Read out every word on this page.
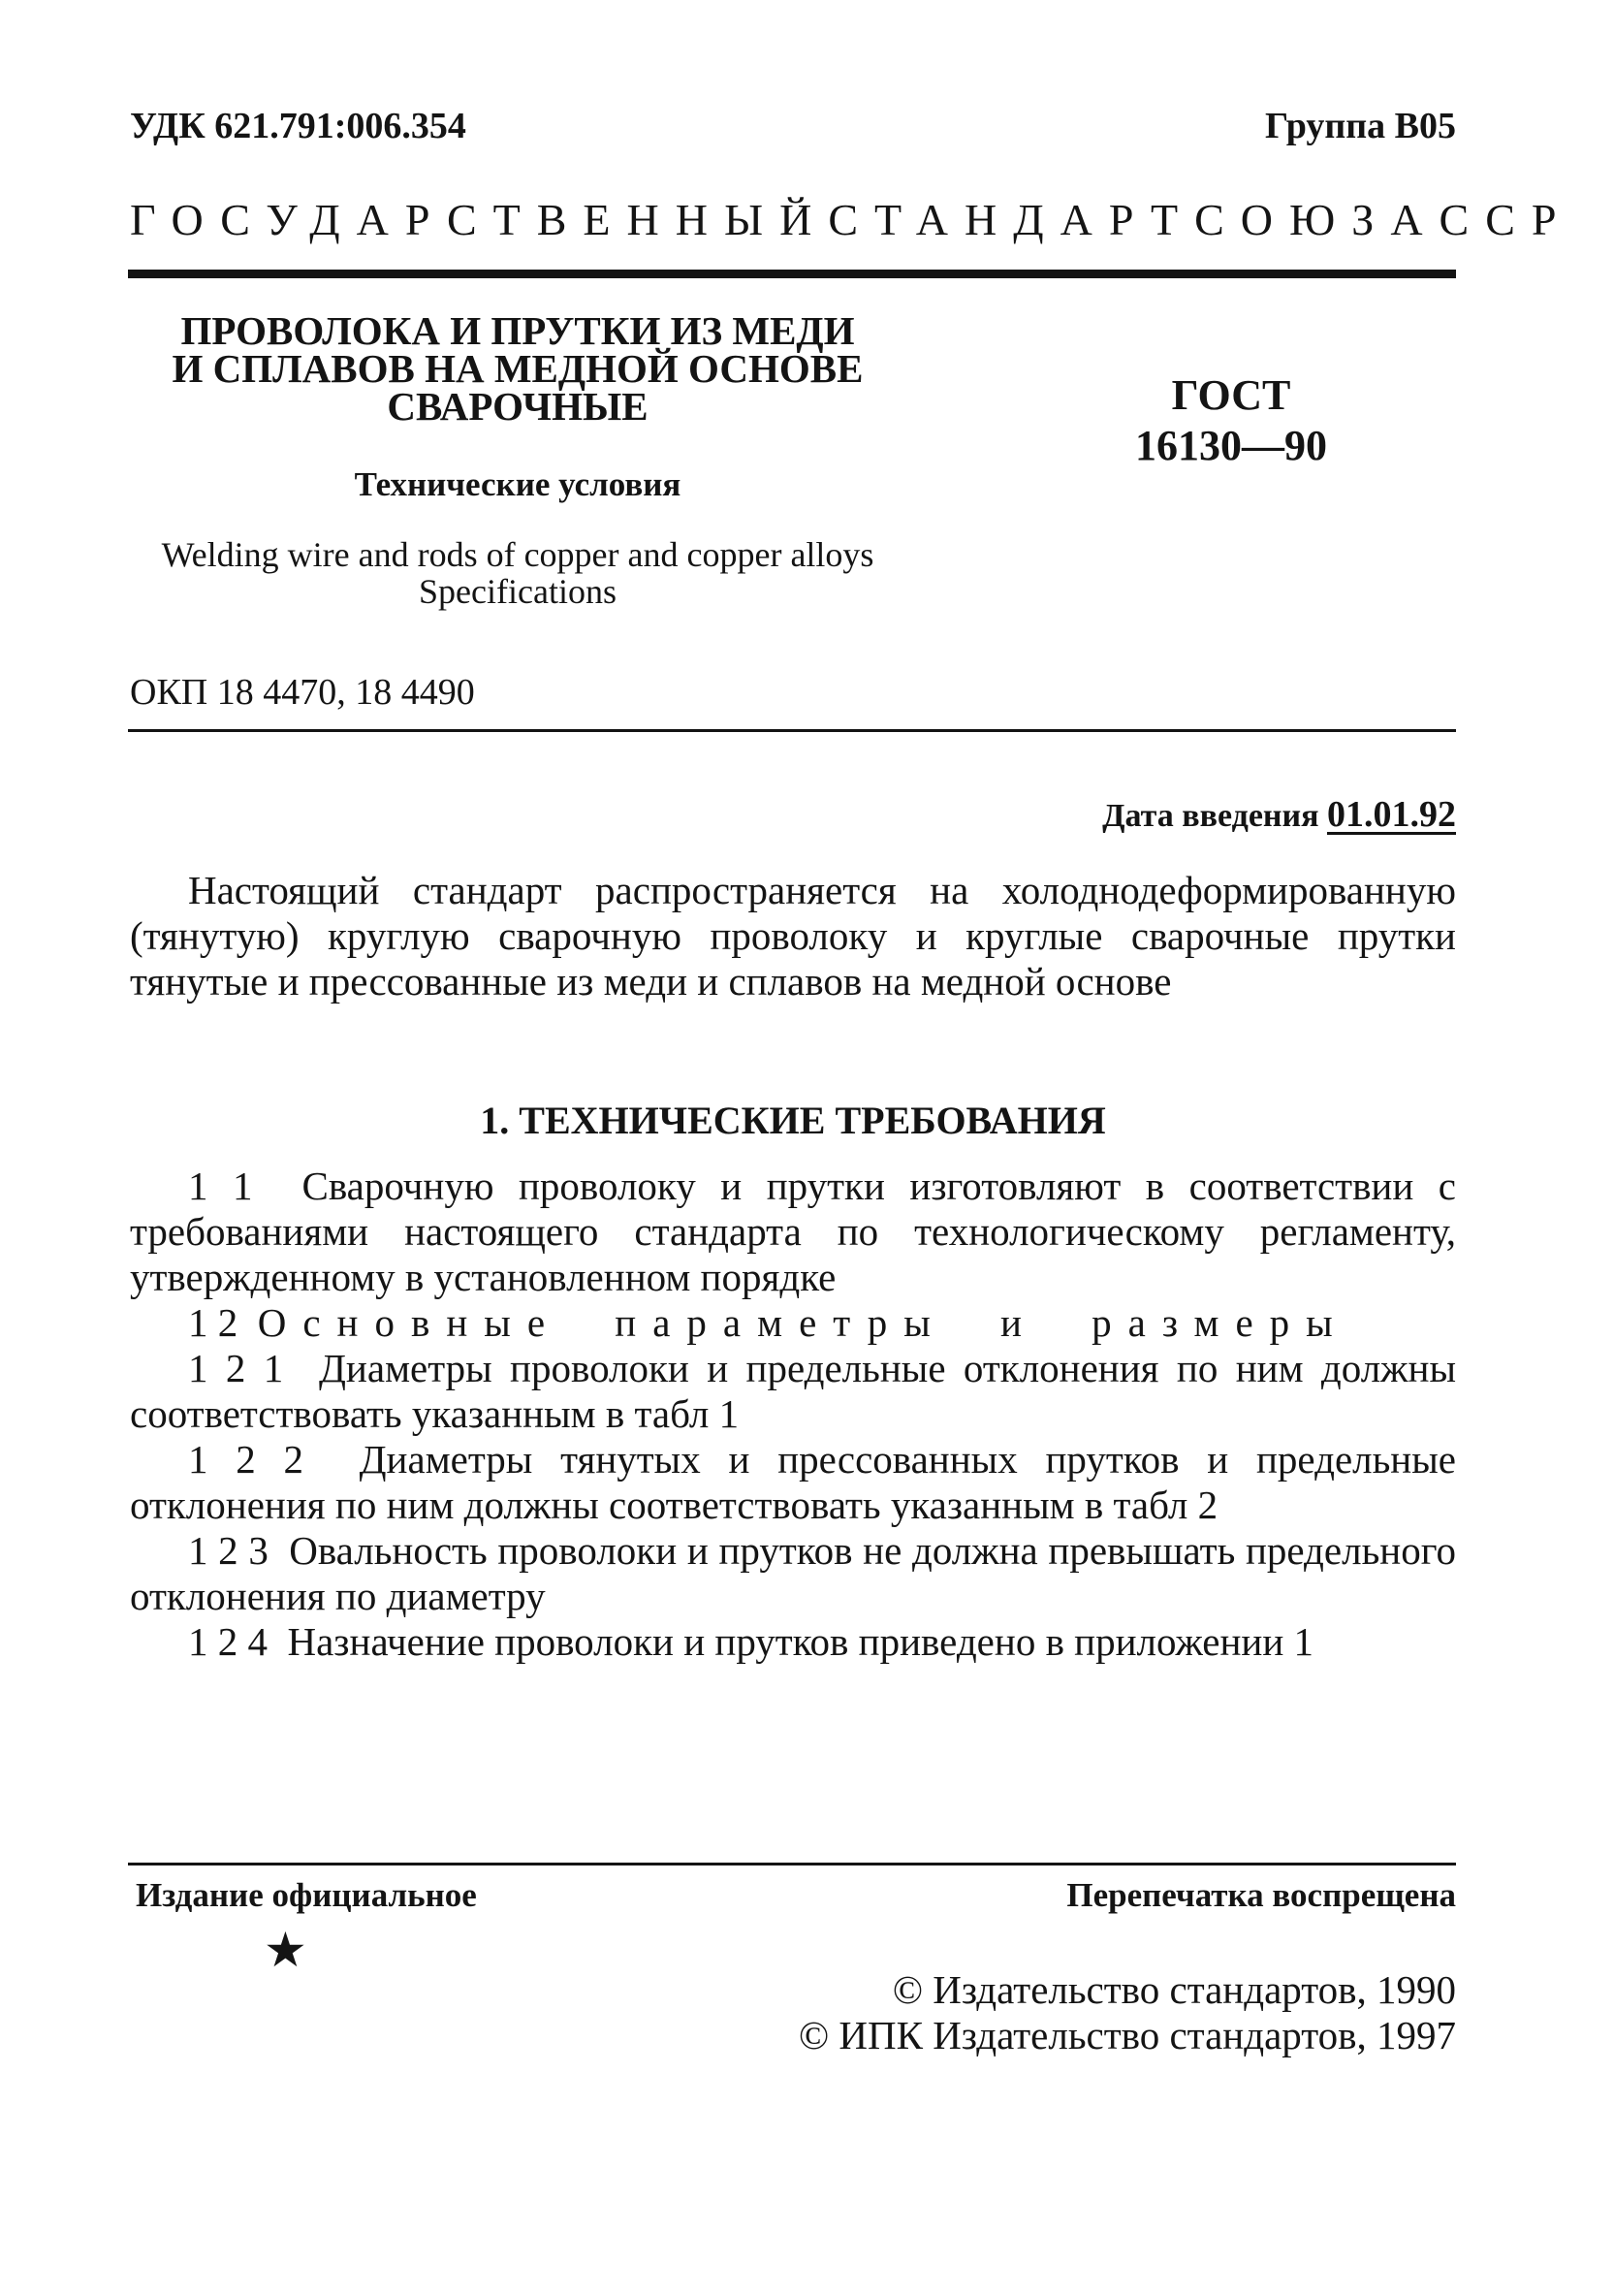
УДК 621.791:006.354	Группа В05
ГОСУДАРСТВЕННЫЙ СТАНДАРТ СОЮЗА ССР
ПРОВОЛОКА И ПРУТКИ ИЗ МЕДИ
И СПЛАВОВ НА МЕДНОЙ ОСНОВЕ
СВАРОЧНЫЕ
Технические условия
Welding wire and rods of copper and copper alloys
Specifications
ГОСТ
16130—90
ОКП 18 4470, 18 4490
Дата введения 01.01.92

Настоящий стандарт распространяется на холоднодеформированную (тянутую) круглую сварочную проволоку и круглые сварочные прутки тянутые и прессованные из меди и сплавов на медной основе

1. ТЕХНИЧЕСКИЕ ТРЕБОВАНИЯ

1 1 Сварочную проволоку и прутки изготовляют в соответствии с требованиями настоящего стандарта по технологическому регламенту, утвержденному в установленном порядке

1 2 Основные параметры и размеры

1 2 1 Диаметры проволоки и предельные отклонения по ним должны соответствовать указанным в табл 1

1 2 2 Диаметры тянутых и прессованных прутков и предельные отклонения по ним должны соответствовать указанным в табл 2

1 2 3 Овальность проволоки и прутков не должна превышать предельного отклонения по диаметру

1 2 4 Назначение проволоки и прутков приведено в приложении 1

Издание официальное	Перепечатка воспрещена
★
© Издательство стандартов, 1990
© ИПК Издательство стандартов, 1997
